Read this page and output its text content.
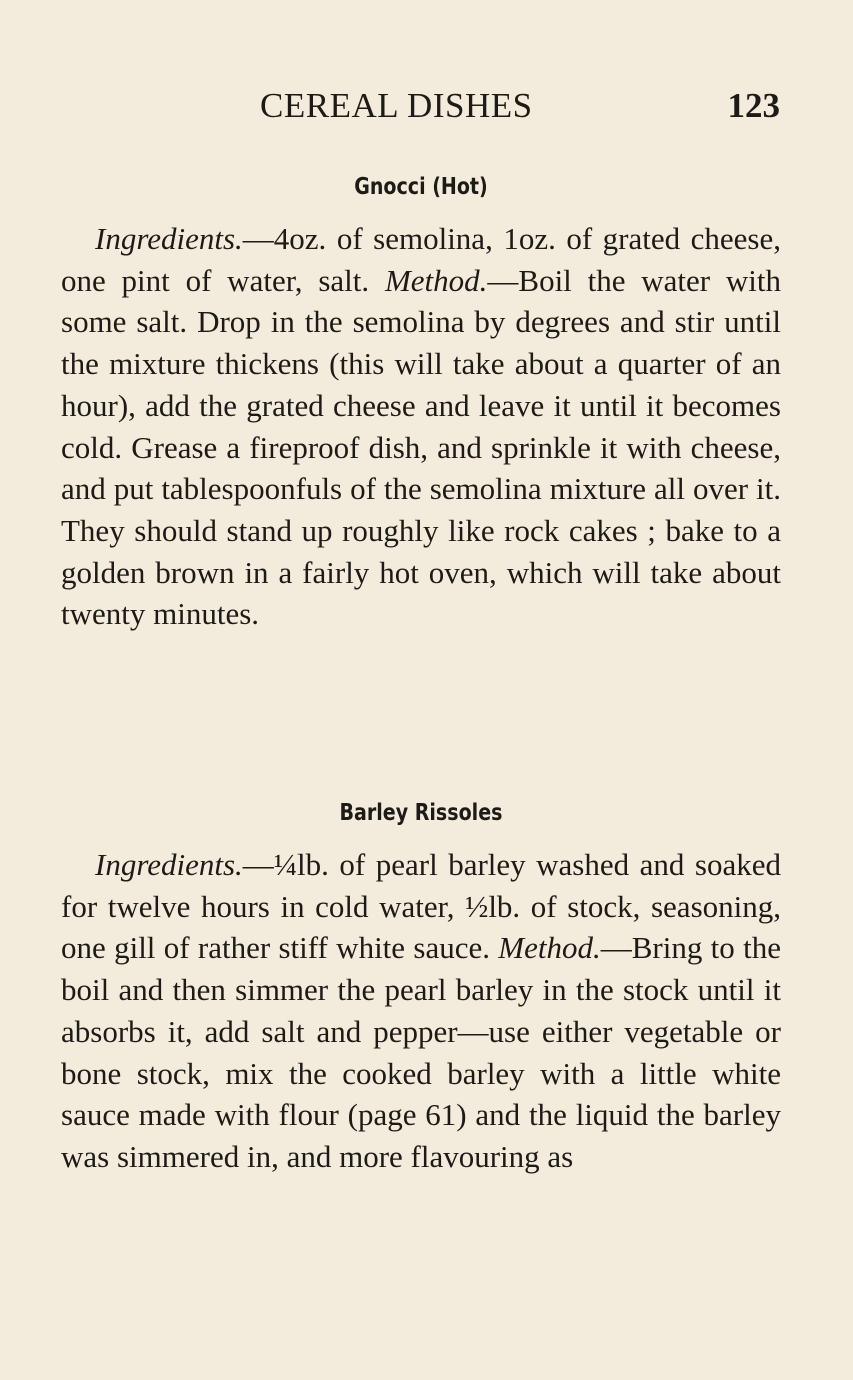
CEREAL DISHES	123
Gnocci (Hot)

Ingredients.—4oz. of semolina, 1oz. of grated cheese, one pint of water, salt. Method.—Boil the water with some salt. Drop in the semolina by degrees and stir until the mixture thickens (this will take about a quarter of an hour), add the grated cheese and leave it until it becomes cold. Grease a fireproof dish, and sprinkle it with cheese, and put tablespoonfuls of the semolina mixture all over it. They should stand up roughly like rock cakes ; bake to a golden brown in a fairly hot oven, which will take about twenty minutes.

Barley Rissoles

Ingredients.—¼lb. of pearl barley washed and soaked for twelve hours in cold water, ½lb. of stock, seasoning, one gill of rather stiff white sauce. Method.—Bring to the boil and then simmer the pearl barley in the stock until it absorbs it, add salt and pepper—use either vegetable or bone stock, mix the cooked barley with a little white sauce made with flour (page 61) and the liquid the barley was simmered in, and more flavouring as
